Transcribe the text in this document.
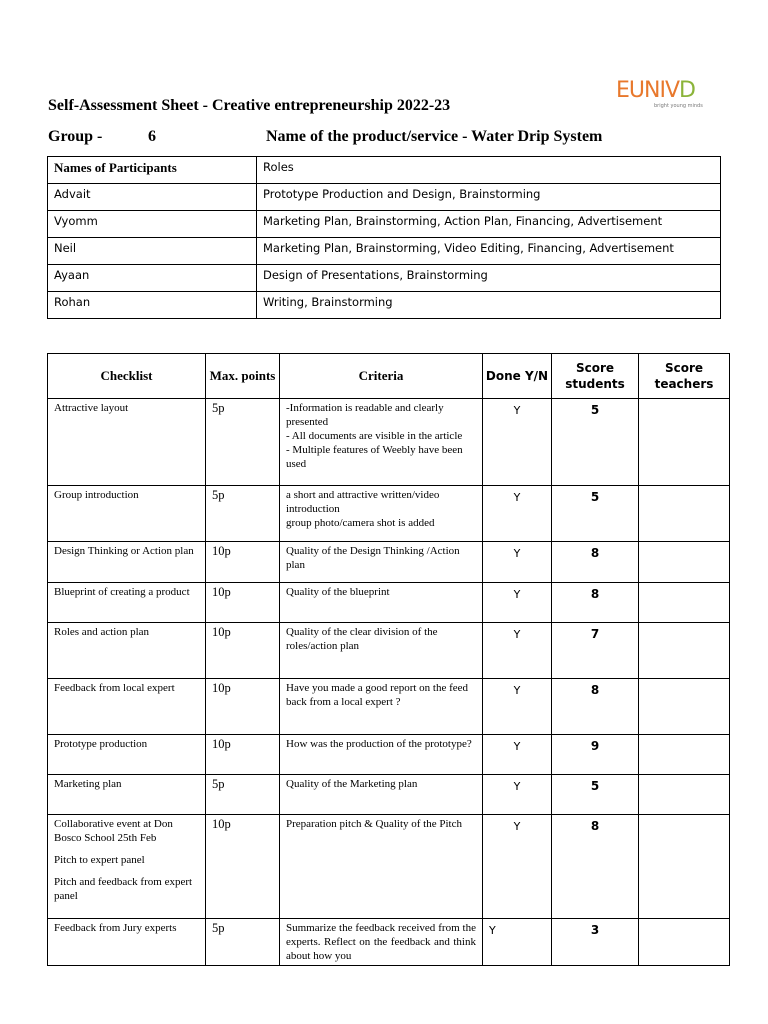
Self-Assessment Sheet - Creative entrepreneurship 2022-23
Group -	6	Name of the product/service - Water Drip System
EUNIVD
bright young minds
Names of Participants	Roles
Advait	Prototype Production and Design, Brainstorming
Vyomm	Marketing Plan, Brainstorming, Action Plan, Financing, Advertisement
Neil	Marketing Plan, Brainstorming, Video Editing, Financing, Advertisement
Ayaan	Design of Presentations, Brainstorming
Rohan	Writing, Brainstorming
Checklist	Max. points	Criteria	Done Y/N	Score students	Score teachers

Attractive layout	5p	-Information is readable and clearly presented
- All documents are visible in the article
- Multiple features of Weebly have been used	Y	5	

Group introduction	5p	a short and attractive written/video introduction
group photo/camera shot is added	Y	5	

Design Thinking or Action plan	10p	Quality of the Design Thinking /Action plan	Y	8	

Blueprint of creating a product	10p	Quality of the blueprint	Y	8	

Roles and action plan	10p	Quality of the clear division of the roles/action plan	Y	7	

Feedback from local expert	10p	Have you made a good report on the feed back from a local expert ?	Y	8	

Prototype production	10p	How was the production of the prototype?	Y	9	

Marketing plan	5p	Quality of the Marketing plan	Y	5	

Collaborative event at Don Bosco School 25th Feb
Pitch to expert panel
Pitch and feedback from expert panel	10p	Preparation pitch & Quality of the Pitch	Y	8	

Feedback from Jury experts	5p	Summarize the feedback received from the experts. Reflect on the feedback and think about how you	Y	3	
